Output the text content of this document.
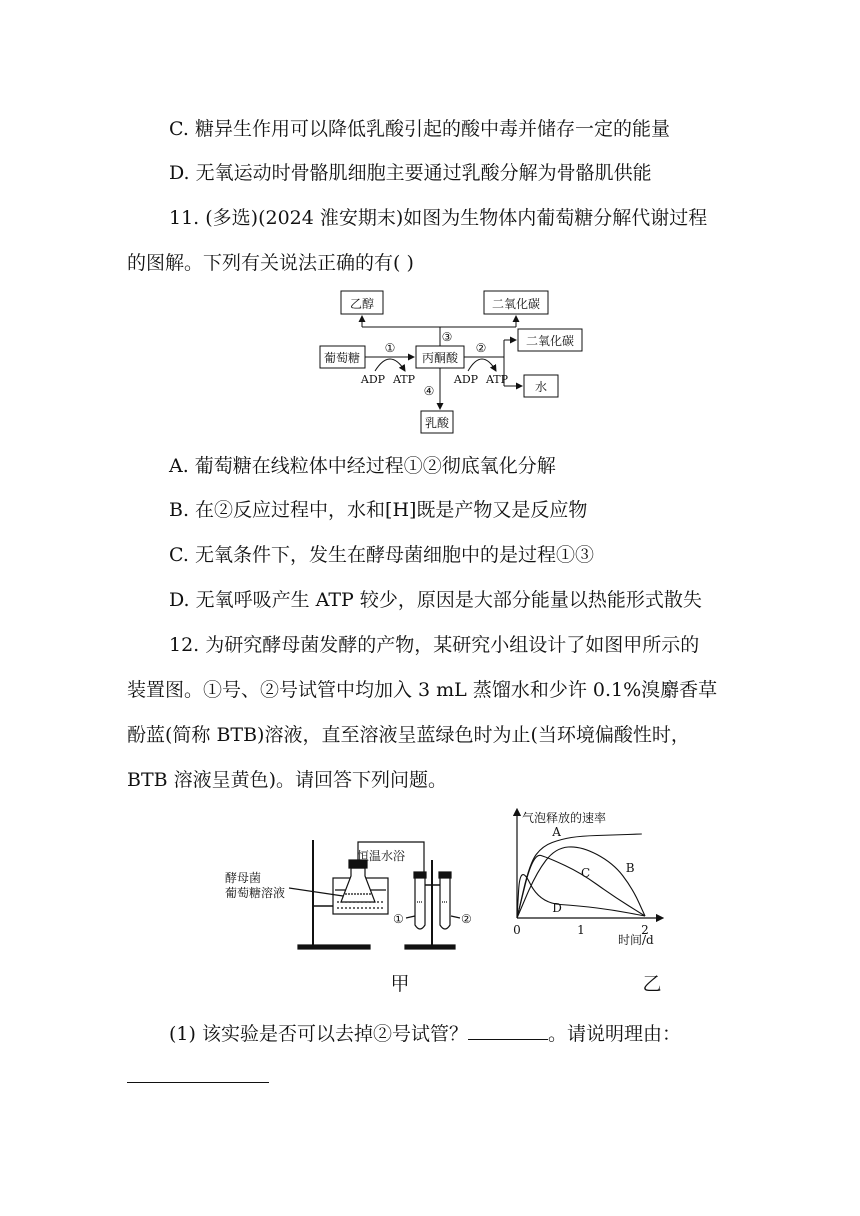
C. 糖异生作用可以降低乳酸引起的酸中毒并储存一定的能量
D. 无氧运动时骨骼肌细胞主要通过乳酸分解为骨骼肌供能
11. (多选)(2024 淮安期末)如图为生物体内葡萄糖分解代谢过程
的图解。下列有关说法正确的有( )
乙醇	二氧化碳
葡萄糖	丙酮酸
二氧化碳
水
乳酸
①	②
③
④
ADP ATP	ADP ATP
A. 葡萄糖在线粒体中经过程①②彻底氧化分解
B. 在②反应过程中，水和[H]既是产物又是反应物
C. 无氧条件下，发生在酵母菌细胞中的是过程①③
D. 无氧呼吸产生 ATP 较少，原因是大部分能量以热能形式散失
12. 为研究酵母菌发酵的产物，某研究小组设计了如图甲所示的
装置图。①号、②号试管中均加入 3 mL 蒸馏水和少许 0.1%溴麝香草
酚蓝(简称 BTB)溶液，直至溶液呈蓝绿色时为止(当环境偏酸性时，
BTB 溶液呈黄色)。请回答下列问题。
酵母菌
葡萄糖溶液
恒温水浴
①	②
甲
气泡释放的速率
时间/d
0	1	2
A
B
C
D
乙
(1) 该实验是否可以去掉②号试管？	。请说明理由：
